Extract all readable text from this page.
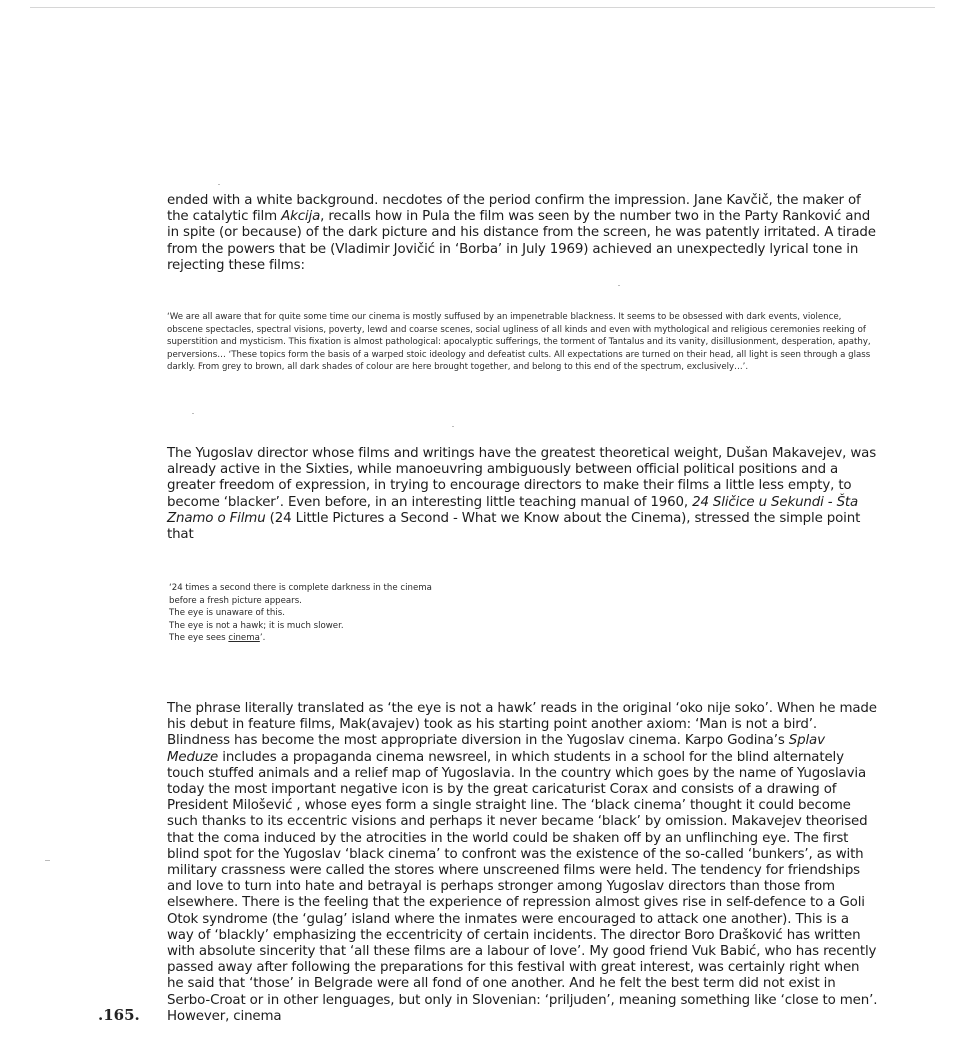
ended with a white background. necdotes of the period confirm the impression. Jane Kavčič, the maker of the catalytic film Akcija, recalls how in Pula the film was seen by the number two in the Party Ranković and in spite (or because) of the dark picture and his distance from the screen, he was patently irritated. A tirade from the powers that be (Vladimir Jovičić in ‘Borba’ in July 1969) achieved an unexpectedly lyrical tone in rejecting these films:

‘We are all aware that for quite some time our cinema is mostly suffused by an impenetrable blackness. It seems to be obsessed with dark events, violence, obscene spectacles, spectral visions, poverty, lewd and coarse scenes, social ugliness of all kinds and even with mythological and religious ceremonies reeking of superstition and mysticism. This fixation is almost pathological: apocalyptic sufferings, the torment of Tantalus and its vanity, disillusionment, desperation, apathy, perversions… ‘These topics form the basis of a warped stoic ideology and defeatist cults. All expectations are turned on their head, all light is seen through a glass darkly. From grey to brown, all dark shades of colour are here brought together, and belong to this end of the spectrum, exclusively…’.

The Yugoslav director whose films and writings have the greatest theoretical weight, Dušan Makavejev, was already active in the Sixties, while manoeuvring ambiguously between official political positions and a greater freedom of expression, in trying to encourage directors to make their films a little less empty, to become ‘blacker’. Even before, in an interesting little teaching manual of 1960, 24 Sličice u Sekundi - Šta Znamo o Filmu (24 Little Pictures a Second - What we Know about the Cinema), stressed the simple point that

‘24 times a second there is complete darkness in the cinema
before a fresh picture appears.
The eye is unaware of this.
The eye is not a hawk; it is much slower.
The eye sees cinema’.

The phrase literally translated as ‘the eye is not a hawk’ reads in the original ‘oko nije soko’. When he made his debut in feature films, Mak(avajev) took as his starting point another axiom: ‘Man is not a bird’. Blindness has become the most appropriate diversion in the Yugoslav cinema. Karpo Godina’s Splav Meduze includes a propaganda cinema newsreel, in which students in a school for the blind alternately touch stuffed animals and a relief map of Yugoslavia. In the country which goes by the name of Yugoslavia today the most important negative icon is by the great caricaturist Corax and consists of a drawing of President Milošević , whose eyes form a single straight line. The ‘black cinema’ thought it could become such thanks to its eccentric visions and perhaps it never became ‘black’ by omission. Makavejev theorised that the coma induced by the atrocities in the world could be shaken off by an unflinching eye. The first blind spot for the Yugoslav ‘black cinema’ to confront was the existence of the so-called ‘bunkers’, as with military crassness were called the stores where unscreened films were held. The tendency for friendships and love to turn into hate and betrayal is perhaps stronger among Yugoslav directors than those from elsewhere. There is the feeling that the experience of repression almost gives rise in self-defence to a Goli Otok syndrome (the ‘gulag’ island where the inmates were encouraged to attack one another). This is a way of ‘blackly’ emphasizing the eccentricity of certain incidents. The director Boro Drašković has written with absolute sincerity that ‘all these films are a labour of love’. My good friend Vuk Babić, who has recently passed away after following the preparations for this festival with great interest, was certainly right when he said that ‘those’ in Belgrade were all fond of one another. And he felt the best term did not exist in Serbo-Croat or in other lenguages, but only in Slovenian: ‘priljuden’, meaning something like ‘close to men’. However, cinema

.165.
